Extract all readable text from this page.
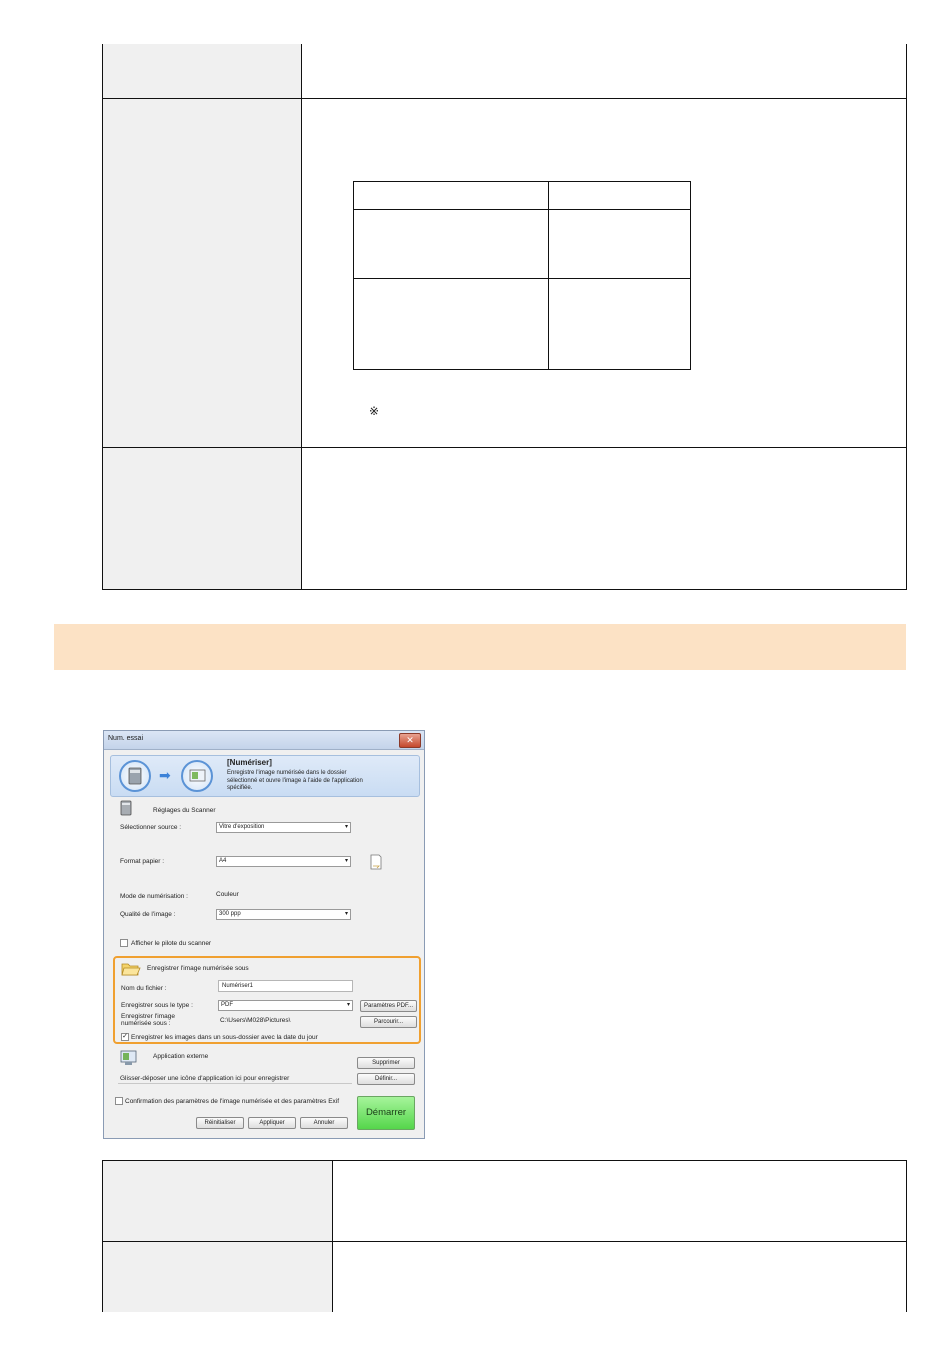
※
Num. essai	✕
➡
[Numériser]
Enregistre l'image numérisée dans le dossier sélectionné et ouvre l'image à l'aide de l'application spécifiée.
Réglages du Scanner
Sélectionner source :	Vitre d'exposition	▾
Format papier :	A4	▾
Mode de numérisation :	Couleur
Qualité de l'image :	300 ppp	▾
Afficher le pilote du scanner
Enregistrer l'image numérisée sous
Nom du fichier :	Numériser1
Enregistrer sous le type :	PDF	▾	Paramètres PDF...
Enregistrer l'image numérisée sous :	C:\Users\M028\Pictures\	Parcourir...
✓ Enregistrer les images dans un sous-dossier avec la date du jour
Application externe
Supprimer
Glisser-déposer une icône d'application ici pour enregistrer	Définir...
Confirmation des paramètres de l'image numérisée et des paramètres Exif
Réinitialiser	Appliquer	Annuler
Démarrer
